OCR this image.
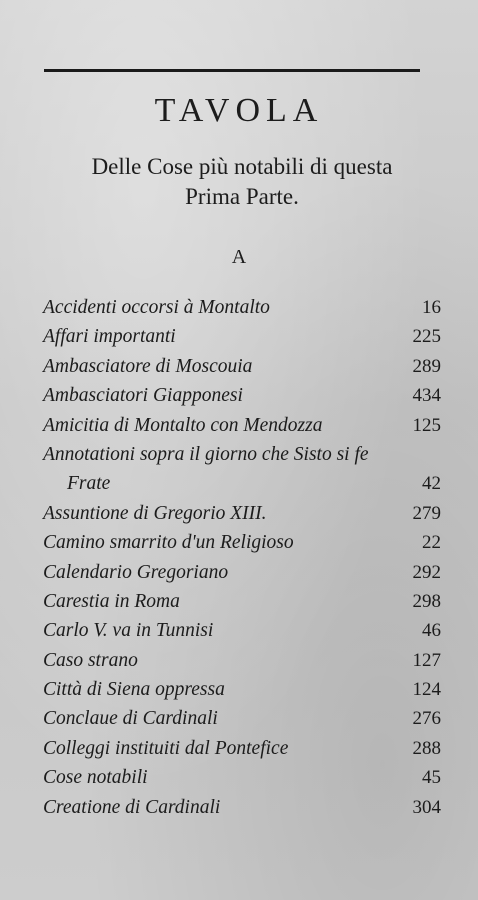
TAVOLA
Delle Cose più notabili di questa
Prima Parte.
A
Accidenti occorsi à Montalto	16
Affari importanti	225
Ambasciatore di Moscouia	289
Ambasciatori Giapponesi	434
Amicitia di Montalto con Mendozza	125
Annotationi sopra il giorno che Sisto si fe
Frate	42
Assuntione di Gregorio XIII.	279
Camino smarrito d'un Religioso	22
Calendario Gregoriano	292
Carestia in Roma	298
Carlo V. va in Tunnisi	46
Caso strano	127
Città di Siena oppressa	124
Conclaue di Cardinali	276
Colleggi instituiti dal Pontefice	288
Cose notabili	45
Creatione di Cardinali	304
